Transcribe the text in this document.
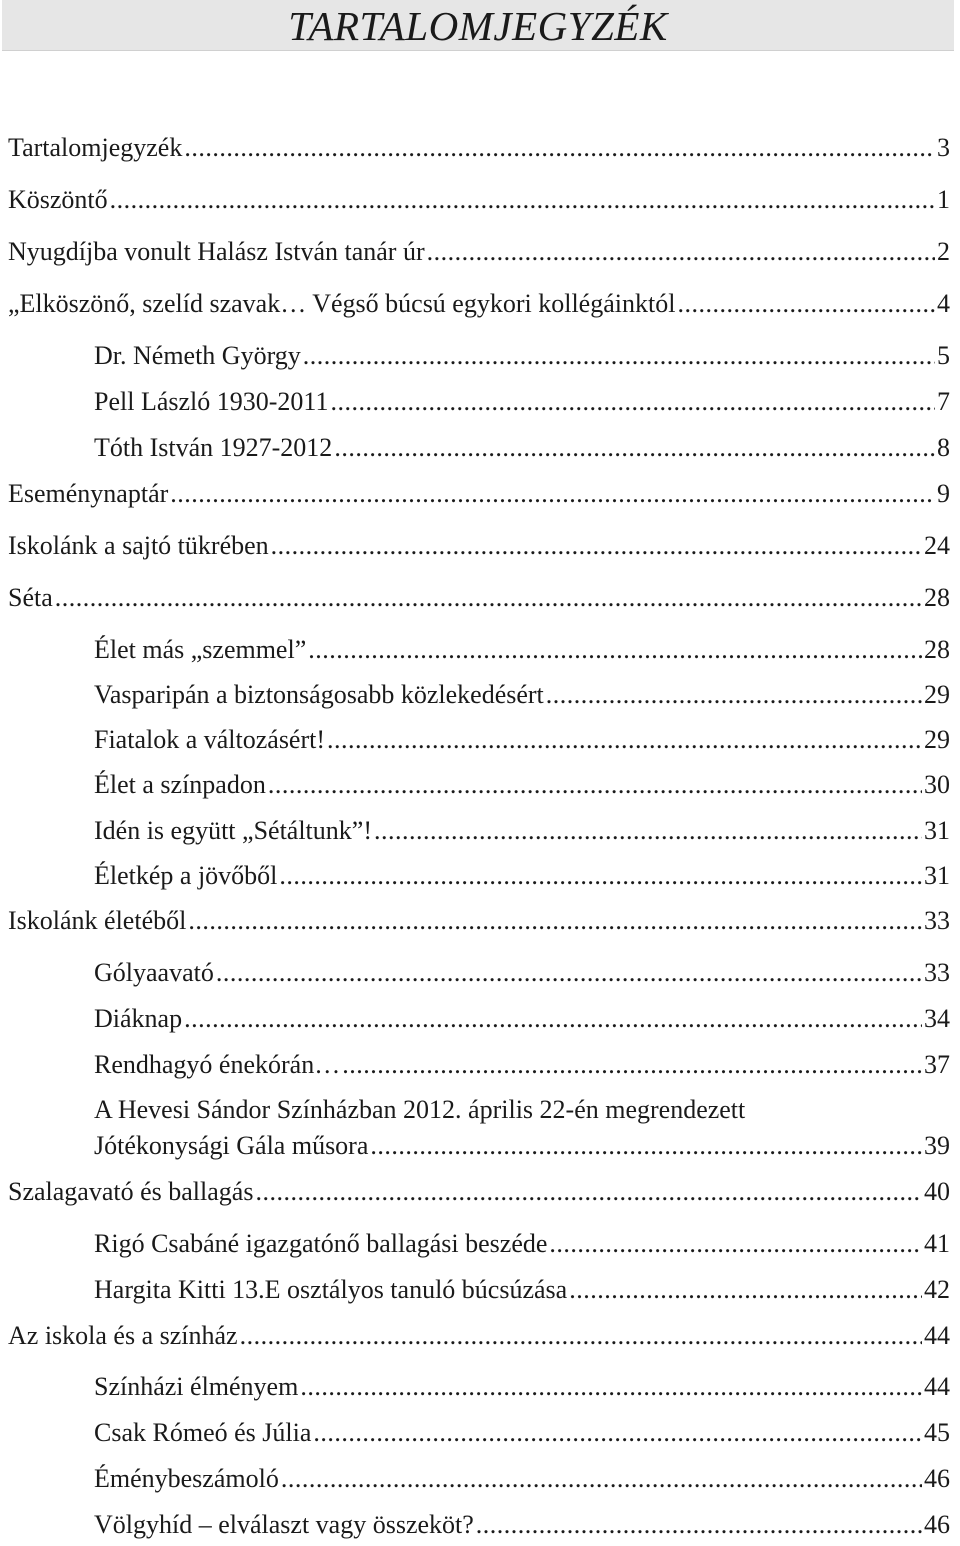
TARTALOMJEGYZÉK
Tartalomjegyzék .....	3
Köszöntő .....	1
Nyugdíjba vonult Halász István tanár úr .....	2
„Elköszönő, szelíd szavak… Végső búcsú egykori kollégáinktól .....	4
Dr. Németh György .....	5
Pell László 1930-2011 .....	7
Tóth István 1927-2012 .....	8
Eseménynaptár .....	9
Iskolánk a sajtó tükrében .....	24
Séta .....	28
Élet más „szemmel” .....	28
Vasparipán a biztonságosabb közlekedésért .....	29
Fiatalok a változásért! .....	29
Élet a színpadon .....	30
Idén is együtt „Sétáltunk”! .....	31
Életkép a jövőből .....	31
Iskolánk életéből .....	33
Gólyaavató .....	33
Diáknap .....	34
Rendhagyó énekórán… .....	37
A Hevesi Sándor Színházban 2012. április 22-én megrendezett
Jótékonysági Gála műsora .....	39
Szalagavató és ballagás .....	40
Rigó Csabáné igazgatónő ballagási beszéde .....	41
Hargita Kitti 13.E osztályos tanuló búcsúzása .....	42
Az iskola és a színház .....	44
Színházi élményem .....	44
Csak Rómeó és Júlia .....	45
Éménybeszámoló .....	46
Völgyhíd – elválaszt vagy összeköt? .....	46
